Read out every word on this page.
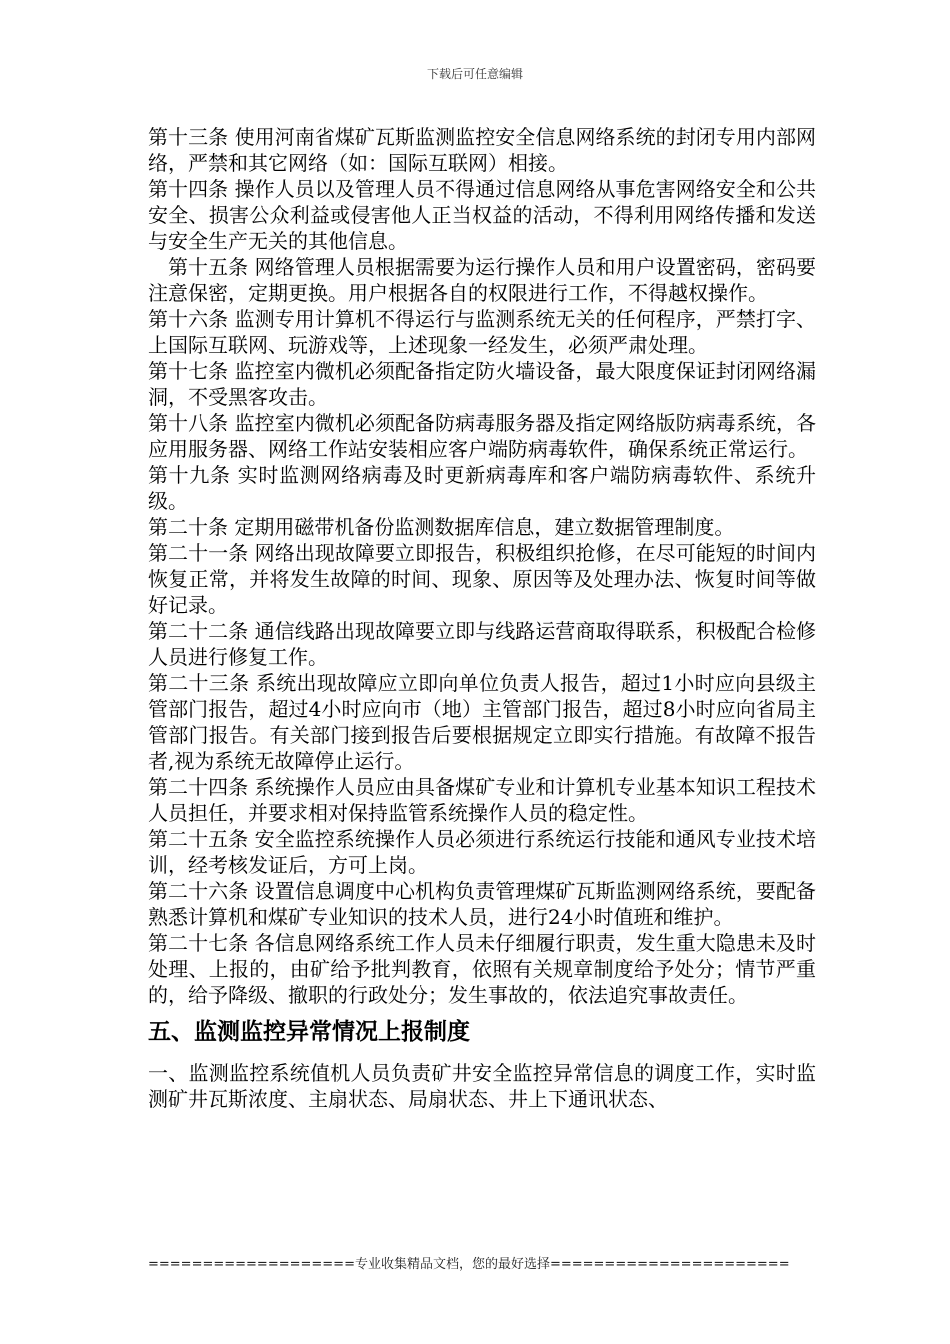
下载后可任意编辑

第十三条 使用河南省煤矿瓦斯监测监控安全信息网络系统的封闭专用内部网络，严禁和其它网络（如：国际互联网）相接。

第十四条 操作人员以及管理人员不得通过信息网络从事危害网络安全和公共安全、损害公众利益或侵害他人正当权益的活动，不得利用网络传播和发送与安全生产无关的其他信息。

第十五条 网络管理人员根据需要为运行操作人员和用户设置密码，密码要注意保密，定期更换。用户根据各自的权限进行工作，不得越权操作。

第十六条 监测专用计算机不得运行与监测系统无关的任何程序，严禁打字、上国际互联网、玩游戏等，上述现象一经发生，必须严肃处理。

第十七条 监控室内微机必须配备指定防火墙设备，最大限度保证封闭网络漏洞，不受黑客攻击。

第十八条 监控室内微机必须配备防病毒服务器及指定网络版防病毒系统，各应用服务器、网络工作站安装相应客户端防病毒软件，确保系统正常运行。

第十九条 实时监测网络病毒及时更新病毒库和客户端防病毒软件、系统升级。

第二十条 定期用磁带机备份监测数据库信息，建立数据管理制度。

第二十一条 网络出现故障要立即报告，积极组织抢修，在尽可能短的时间内恢复正常，并将发生故障的时间、现象、原因等及处理办法、恢复时间等做好记录。

第二十二条 通信线路出现故障要立即与线路运营商取得联系，积极配合检修人员进行修复工作。

第二十三条 系统出现故障应立即向单位负责人报告，超过1小时应向县级主管部门报告，超过4小时应向市（地）主管部门报告，超过8小时应向省局主管部门报告。有关部门接到报告后要根据规定立即实行措施。有故障不报告者,视为系统无故障停止运行。

第二十四条 系统操作人员应由具备煤矿专业和计算机专业基本知识工程技术人员担任，并要求相对保持监管系统操作人员的稳定性。

第二十五条 安全监控系统操作人员必须进行系统运行技能和通风专业技术培训，经考核发证后，方可上岗。

第二十六条 设置信息调度中心机构负责管理煤矿瓦斯监测网络系统，要配备熟悉计算机和煤矿专业知识的技术人员，进行24小时值班和维护。

第二十七条 各信息网络系统工作人员未仔细履行职责，发生重大隐患未及时处理、上报的，由矿给予批判教育，依照有关规章制度给予处分；情节严重的，给予降级、撤职的行政处分；发生事故的，依法追究事故责任。

五、监测监控异常情况上报制度

一、监测监控系统值机人员负责矿井安全监控异常信息的调度工作，实时监测矿井瓦斯浓度、主扇状态、局扇状态、井上下通讯状态、

===================专业收集精品文档，您的最好选择======================
